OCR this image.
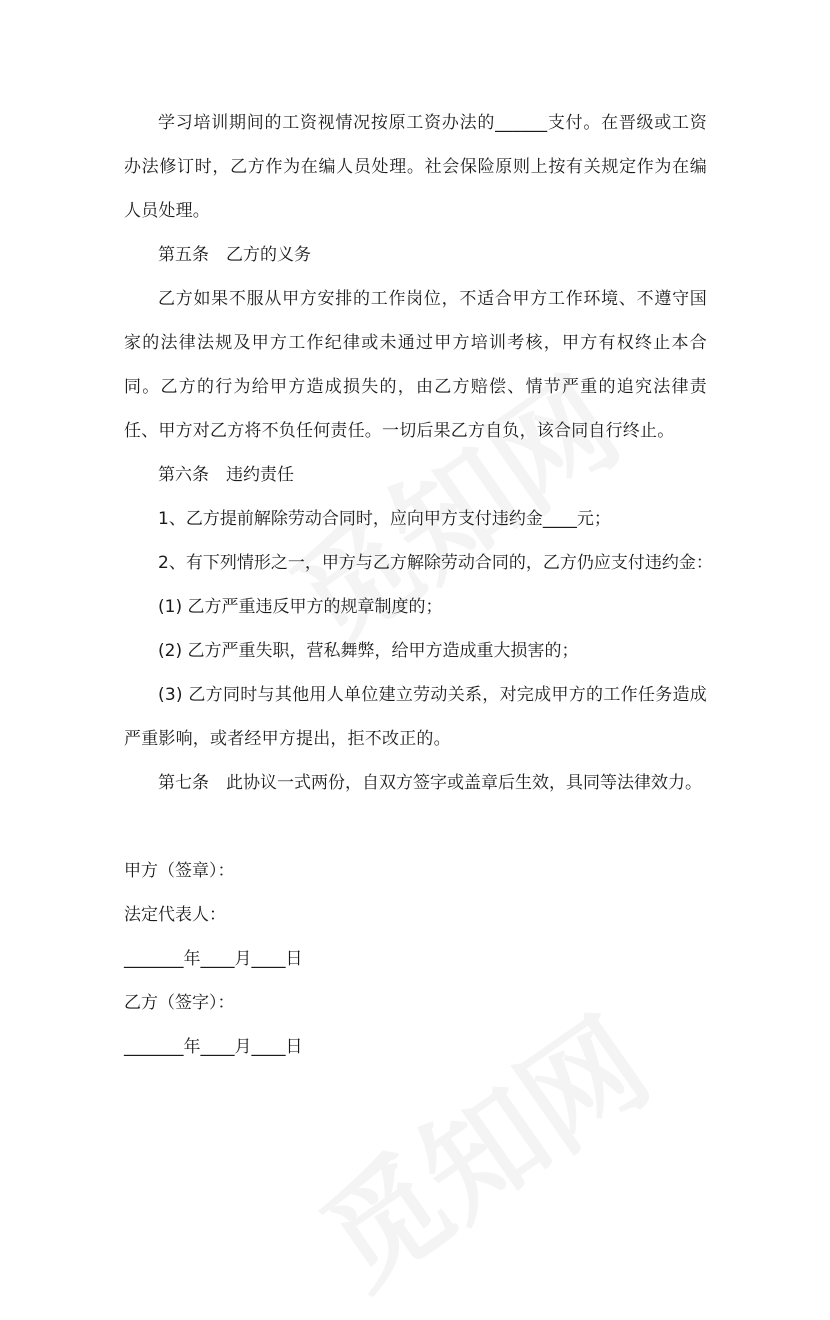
学习培训期间的工资视情况按原工资办法的______支付。在晋级或工资办法修订时，乙方作为在编人员处理。社会保险原则上按有关规定作为在编人员处理。

第五条　乙方的义务

乙方如果不服从甲方安排的工作岗位，不适合甲方工作环境、不遵守国家的法律法规及甲方工作纪律或未通过甲方培训考核，甲方有权终止本合同。乙方的行为给甲方造成损失的，由乙方赔偿、情节严重的追究法律责任、甲方对乙方将不负任何责任。一切后果乙方自负，该合同自行终止。

第六条　违约责任

1、乙方提前解除劳动合同时，应向甲方支付违约金____元；

2、有下列情形之一，甲方与乙方解除劳动合同的，乙方仍应支付违约金：

(1) 乙方严重违反甲方的规章制度的；

(2) 乙方严重失职，营私舞弊，给甲方造成重大损害的；

(3) 乙方同时与其他用人单位建立劳动关系，对完成甲方的工作任务造成严重影响，或者经甲方提出，拒不改正的。

第七条　此协议一式两份，自双方签字或盖章后生效，具同等法律效力。

甲方（签章）：

法定代表人：

_______年____月____日

乙方（签字）：

_______年____月____日
